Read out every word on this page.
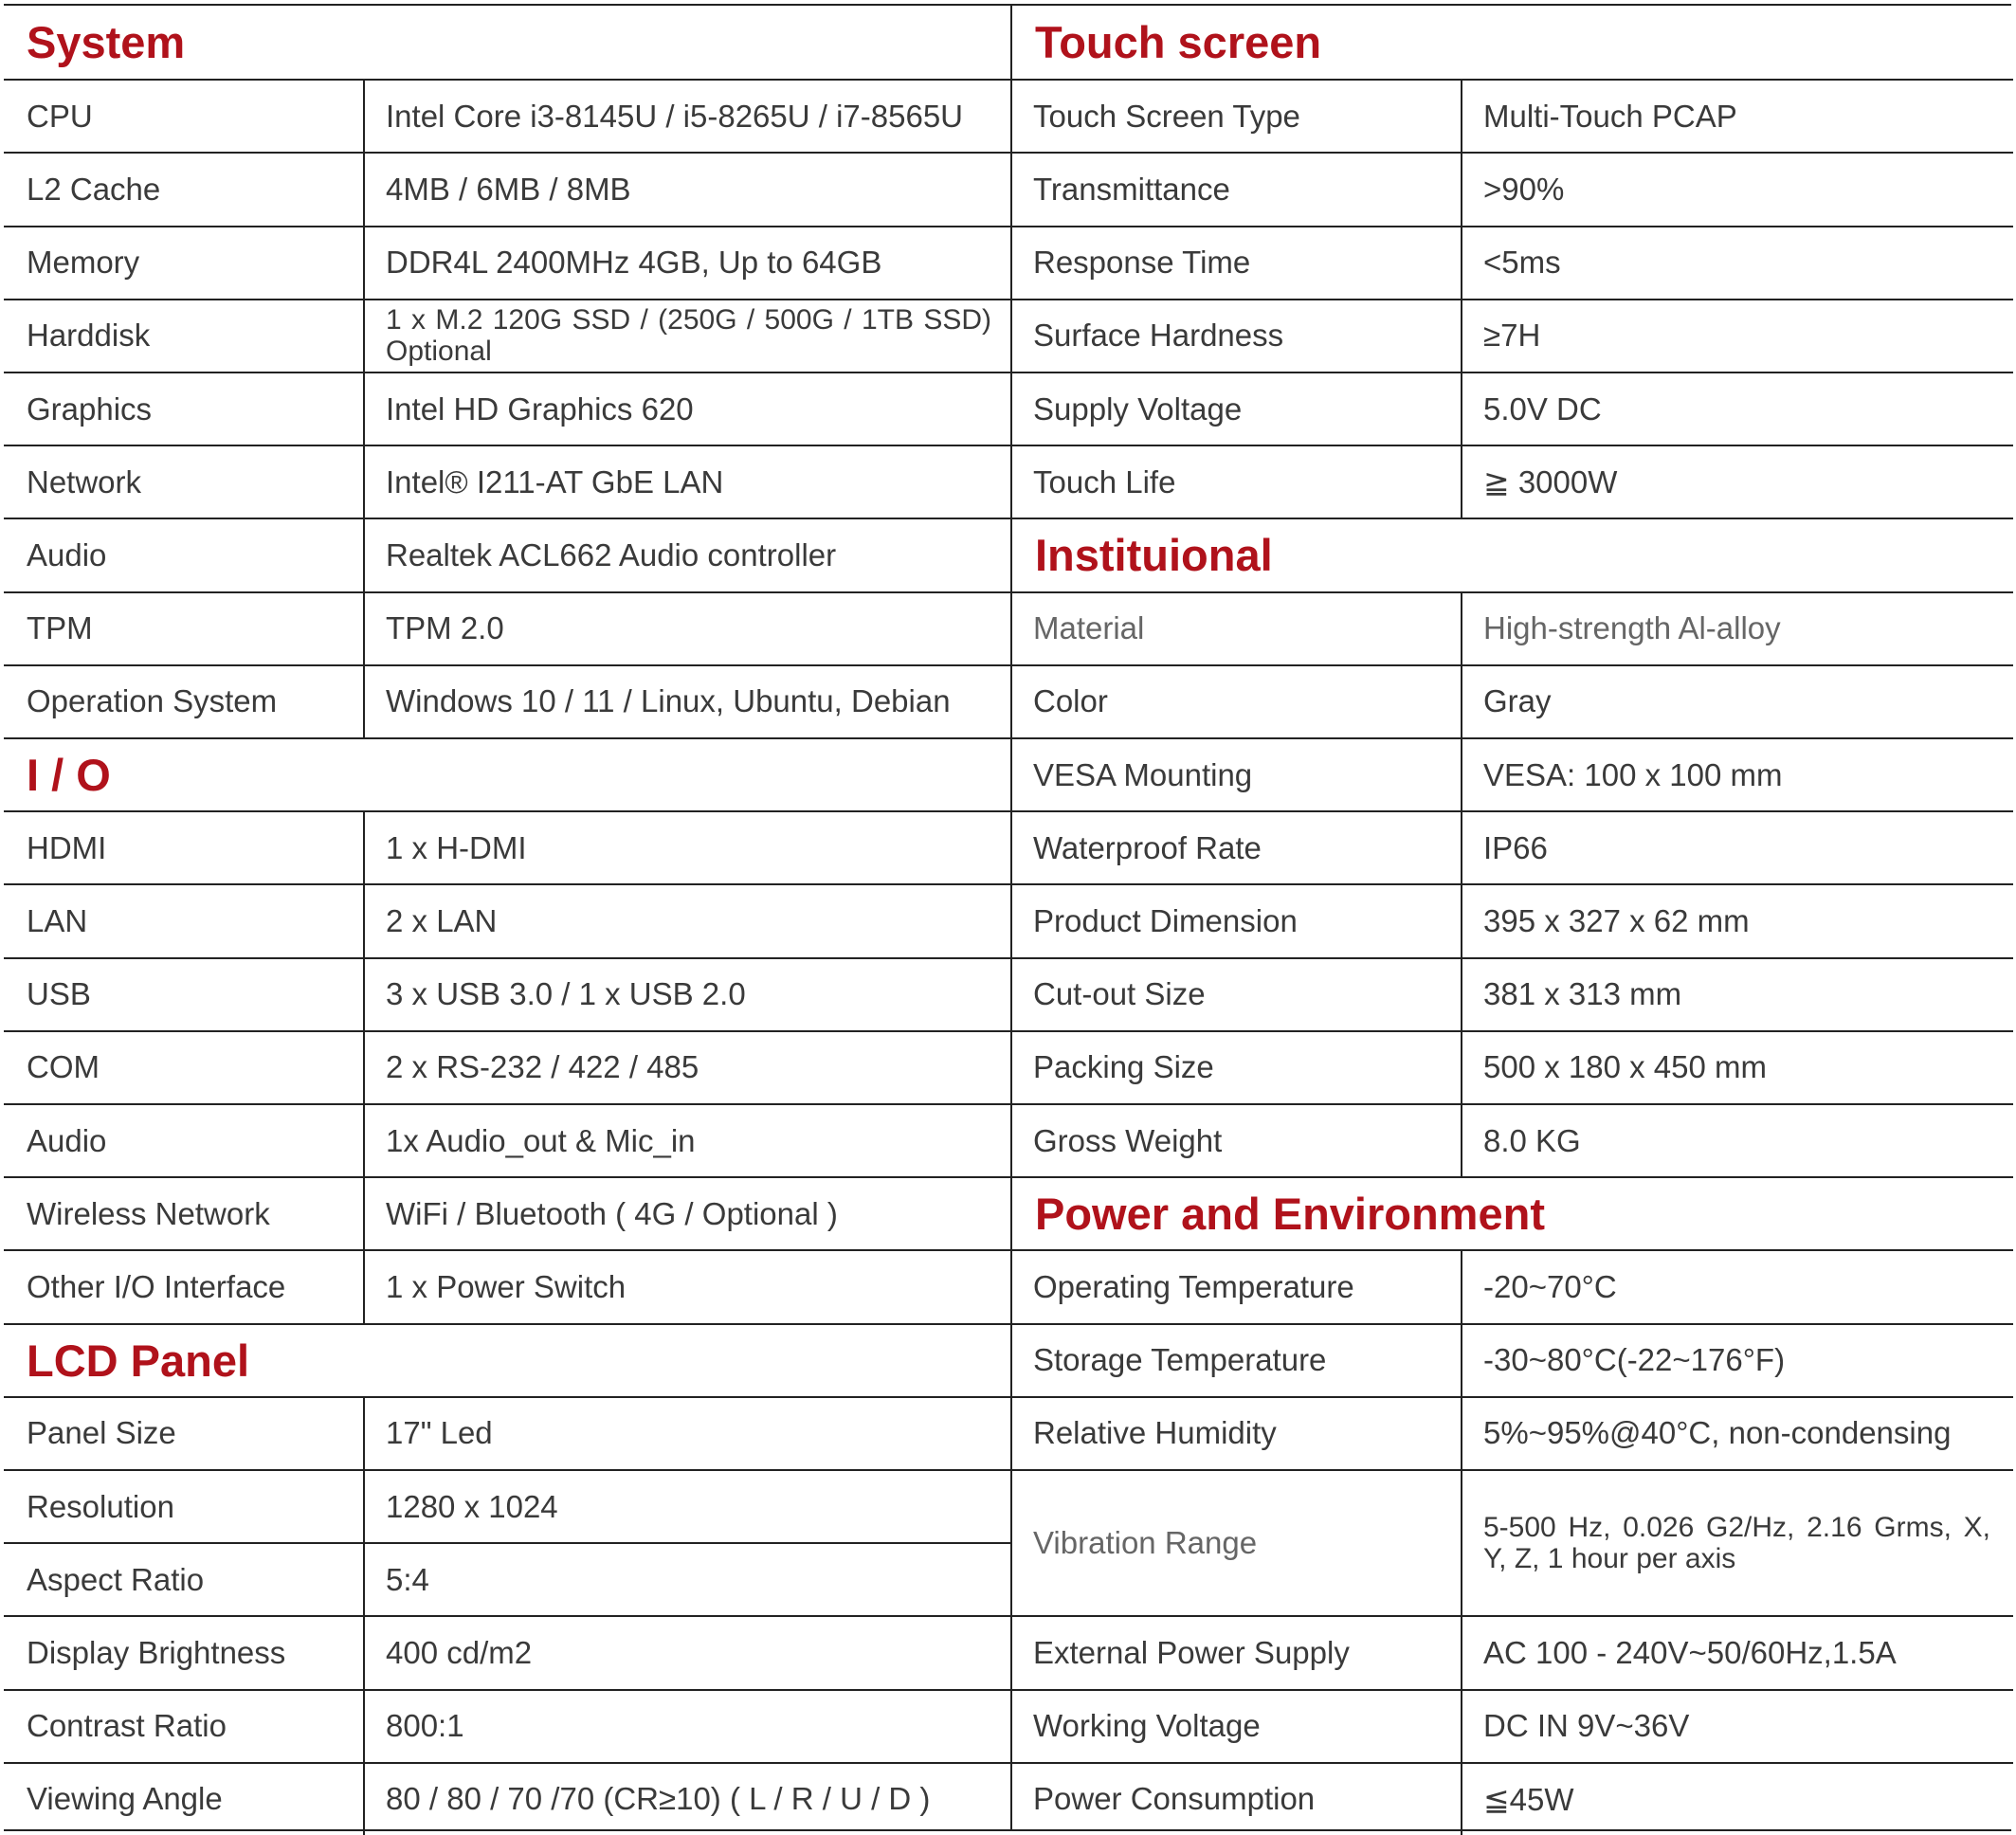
System
CPU	Intel Core i3-8145U / i5-8265U / i7-8565U
L2 Cache	4MB / 6MB / 8MB
Memory	DDR4L 2400MHz 4GB, Up to 64GB
Harddisk	1 x M.2 120G SSD / (250G / 500G / 1TB SSD) Optional
Graphics	Intel HD Graphics 620
Network	Intel® I211-AT GbE LAN
Audio	Realtek ACL662 Audio controller
TPM	TPM 2.0
Operation System	Windows 10 / 11 / Linux, Ubuntu, Debian
I / O
HDMI	1 x H-DMI
LAN	2 x LAN
USB	3 x USB 3.0 / 1 x USB 2.0
COM	2 x RS-232 / 422 / 485
Audio	1x Audio_out & Mic_in
Wireless Network	WiFi / Bluetooth ( 4G / Optional )
Other I/O Interface	1 x Power Switch
LCD Panel
Panel Size	17" Led
Resolution	1280 x 1024
Aspect Ratio	5:4
Display Brightness	400 cd/m2
Contrast Ratio	800:1
Viewing Angle	80 / 80 / 70 /70 (CR≥10) ( L / R / U / D )
Touch screen
Touch Screen Type	Multi-Touch PCAP
Transmittance	>90%
Response Time	<5ms
Surface Hardness	≥7H
Supply Voltage	5.0V DC
Touch Life	≧ 3000W
Instituional
Material	High-strength Al-alloy
Color	Gray
VESA Mounting	VESA: 100 x 100 mm
Waterproof Rate	IP66
Product Dimension	395 x 327 x 62 mm
Cut-out Size	381 x 313 mm
Packing Size	500 x 180 x 450 mm
Gross Weight	8.0 KG
Power and Environment
Operating Temperature	-20~70°C
Storage Temperature	-30~80°C(-22~176°F)
Relative Humidity	5%~95%@40°C, non-condensing
Vibration Range	5-500 Hz, 0.026 G2/Hz, 2.16 Grms, X, Y, Z, 1 hour per axis
External Power Supply	AC 100 - 240V~50/60Hz,1.5A
Working Voltage	DC IN 9V~36V
Power Consumption	≦45W
